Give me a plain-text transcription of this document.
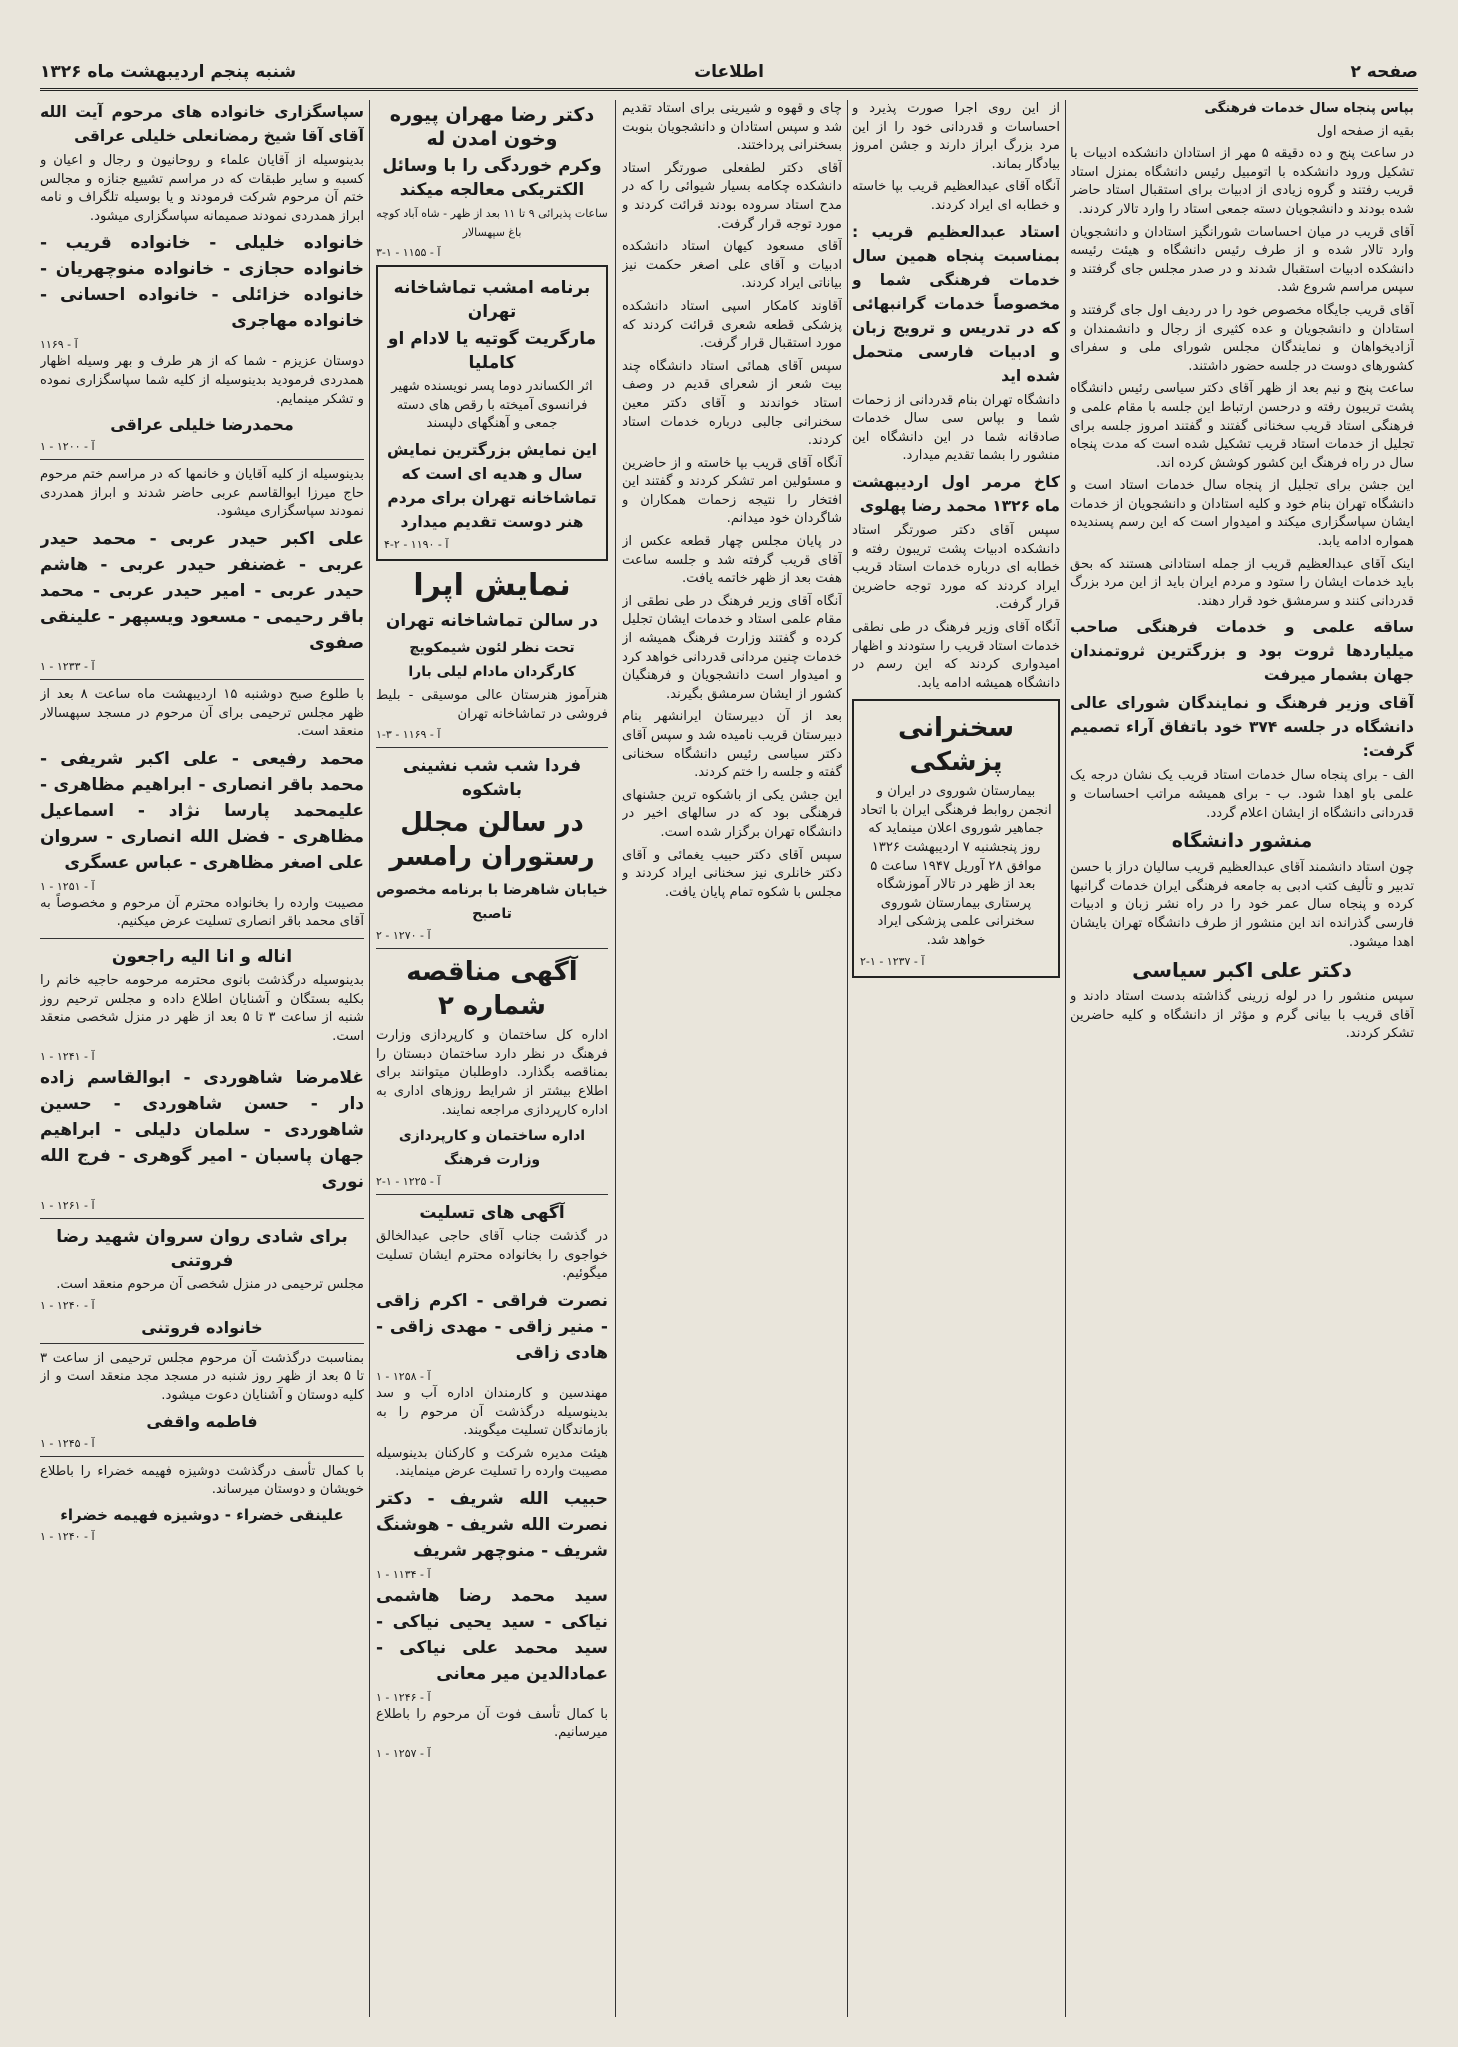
صفحه ۲
اطلاعات
شنبه پنجم اردیبهشت ماه ۱۳۲۶

بپاس پنجاه سال خدمات فرهنگی

بقیه از صفحه اول

در ساعت پنج و ده دقیقه ۵ مهر از استادان دانشکده ادبیات با تشکیل ورود دانشکده با اتومبیل رئیس دانشگاه بمنزل استاد قریب رفتند و گروه زیادی از ادبیات برای استقبال استاد حاضر شده بودند و دانشجویان دسته جمعی استاد را وارد تالار کردند.

آقای قریب در میان احساسات شورانگیز استادان و دانشجویان وارد تالار شده و از طرف رئیس دانشگاه و هیئت رئیسه دانشکده ادبیات استقبال شدند و در صدر مجلس جای گرفتند و سپس مراسم شروع شد.

آقای قریب جایگاه مخصوص خود را در ردیف اول جای گرفتند و استادان و دانشجویان و عده کثیری از رجال و دانشمندان و آزادیخواهان و نمایندگان مجلس شورای ملی و سفرای کشورهای دوست در جلسه حضور داشتند.

ساعت پنج و نیم بعد از ظهر آقای دکتر سیاسی رئیس دانشگاه پشت تریبون رفته و درحسن ارتباط این جلسه با مقام علمی و فرهنگی استاد قریب سخنانی گفتند و گفتند امروز جلسه برای تجلیل از خدمات استاد قریب تشکیل شده است که مدت پنجاه سال در راه فرهنگ این کشور کوشش کرده اند.

این جشن برای تجلیل از پنجاه سال خدمات استاد است و دانشگاه تهران بنام خود و کلیه استادان و دانشجویان از خدمات ایشان سپاسگزاری میکند و امیدوار است که این رسم پسندیده همواره ادامه یابد.

اینک آقای عبدالعظیم قریب از جمله استادانی هستند که بحق باید خدمات ایشان را ستود و مردم ایران باید از این مرد بزرگ قدردانی کنند و سرمشق خود قرار دهند.

ساقه علمی و خدمات فرهنگی صاحب میلیاردها ثروت بود و بزرگترین ثروتمندان جهان بشمار میرفت

آقای وزیر فرهنگ و نمایندگان شورای عالی دانشگاه در جلسه ۳۷۴ خود باتفاق آراء تصمیم گرفت:

الف - برای پنجاه سال خدمات استاد قریب یک نشان درجه یک علمی باو اهدا شود. ب - برای همیشه مراتب احساسات و قدردانی دانشگاه از ایشان اعلام گردد.

منشور دانشگاه

چون استاد دانشمند آقای عبدالعظیم قریب سالیان دراز با حسن تدبیر و تألیف کتب ادبی به جامعه فرهنگی ایران خدمات گرانبها کرده و پنجاه سال عمر خود را در راه نشر زبان و ادبیات فارسی گذرانده اند این منشور از طرف دانشگاه تهران بایشان اهدا میشود.

دکتر علی اکبر سیاسی

سپس منشور را در لوله زرینی گذاشته بدست استاد دادند و آقای قریب با بیانی گرم و مؤثر از دانشگاه و کلیه حاضرین تشکر کردند.

از این روی اجرا صورت پذیرد و احساسات و قدردانی خود را از این مرد بزرگ ابراز دارند و جشن امروز بیادگار بماند.

آنگاه آقای عبدالعظیم قریب بپا خاسته و خطابه ای ایراد کردند.

استاد عبدالعظیم قریب : بمناسبت پنجاه همین سال خدمات فرهنگی شما و مخصوصاً خدمات گرانبهائی که در تدریس و ترویج زبان و ادبیات فارسی متحمل شده اید

دانشگاه تهران بنام قدردانی از زحمات شما و بپاس سی سال خدمات صادقانه شما در این دانشگاه این منشور را بشما تقدیم میدارد.

کاخ مرمر اول اردیبهشت ماه ۱۳۲۶ محمد رضا پهلوی

سپس آقای دکتر صورتگر استاد دانشکده ادبیات پشت تریبون رفته و خطابه ای درباره خدمات استاد قریب ایراد کردند که مورد توجه حاضرین قرار گرفت.

آنگاه آقای وزیر فرهنگ در طی نطقی خدمات استاد قریب را ستودند و اظهار امیدواری کردند که این رسم در دانشگاه همیشه ادامه یابد.

سخنرانی پزشکی

بیمارستان شوروی در ایران و انجمن روابط فرهنگی ایران با اتحاد جماهیر شوروی اعلان مینماید که روز پنجشنبه ۷ اردیبهشت ۱۳۲۶ موافق ۲۸ آوریل ۱۹۴۷ ساعت ۵ بعد از ظهر در تالار آموزشگاه پرستاری بیمارستان شوروی سخنرانی علمی پزشکی ایراد خواهد شد.

آ - ۱۲۳۷ - ۱-۲

چای و قهوه و شیرینی برای استاد تقدیم شد و سپس استادان و دانشجویان بنوبت بسخنرانی پرداختند.

آقای دکتر لطفعلی صورتگر استاد دانشکده چکامه بسیار شیوائی را که در مدح استاد سروده بودند قرائت کردند و مورد توجه قرار گرفت.

آقای مسعود کیهان استاد دانشکده ادبیات و آقای علی اصغر حکمت نیز بیاناتی ایراد کردند.

آقاوند کامکار اسپی استاد دانشکده پزشکی قطعه شعری قرائت کردند که مورد استقبال قرار گرفت.

سپس آقای همائی استاد دانشگاه چند بیت شعر از شعرای قدیم در وصف استاد خواندند و آقای دکتر معین سخنرانی جالبی درباره خدمات استاد کردند.

آنگاه آقای قریب بپا خاسته و از حاضرین و مسئولین امر تشکر کردند و گفتند این افتخار را نتیجه زحمات همکاران و شاگردان خود میدانم.

در پایان مجلس چهار قطعه عکس از آقای قریب گرفته شد و جلسه ساعت هفت بعد از ظهر خاتمه یافت.

آنگاه آقای وزیر فرهنگ در طی نطقی از مقام علمی استاد و خدمات ایشان تجلیل کرده و گفتند وزارت فرهنگ همیشه از خدمات چنین مردانی قدردانی خواهد کرد و امیدوار است دانشجویان و فرهنگیان کشور از ایشان سرمشق بگیرند.

بعد از آن دبیرستان ایرانشهر بنام دبیرستان قریب نامیده شد و سپس آقای دکتر سیاسی رئیس دانشگاه سخنانی گفته و جلسه را ختم کردند.

این جشن یکی از باشکوه ترین جشنهای فرهنگی بود که در سالهای اخیر در دانشگاه تهران برگزار شده است.

سپس آقای دکتر حبیب یغمائی و آقای دکتر خانلری نیز سخنانی ایراد کردند و مجلس با شکوه تمام پایان یافت.

دکتر رضا مهران پیوره وخون امدن له
وکرم خوردگی را با وسائل الکتریکی معالجه میکند

ساعات پذیرائی ۹ تا ۱۱ بعد از ظهر - شاه آباد کوچه باغ سپهسالار

آ - ۱۱۵۵ - ۱-۳
برنامه امشب تماشاخانه تهران
مارگریت گوتیه یا لادام او کاملیا

اثر الکساندر دوما پسر نویسنده شهیر فرانسوی آمیخته با رقص های دسته جمعی و آهنگهای دلپسند

این نمایش بزرگترین نمایش سال و هدیه ای است که تماشاخانه تهران برای مردم هنر دوست تقدیم میدارد

آ - ۱۱۹۰ - ۲-۴
نمایش اپرا
در سالن تماشاخانه تهران
تحت نظر لئون شیمکویچ کارگردان مادام لیلی بارا

هنرآموز هنرستان عالی موسیقی - بلیط فروشی در تماشاخانه تهران

آ - ۱۱۶۹ - ۳-۱
فردا شب شب نشینی باشکوه
در سالن مجلل رستوران رامسر
خیابان شاهرضا با برنامه مخصوص تاصبح
آ - ۱۲۷۰ - ۲
آگهی مناقصه شماره ۲

اداره کل ساختمان و کارپردازی وزارت فرهنگ در نظر دارد ساختمان دبستان را بمناقصه بگذارد. داوطلبان میتوانند برای اطلاع بیشتر از شرایط روزهای اداری به اداره کارپردازی مراجعه نمایند.

اداره ساختمان و کارپردازی وزارت فرهنگ
آ - ۱۲۲۵ - ۱-۲
آگهی های تسلیت

در گذشت جناب آقای حاجی عبدالخالق خواجوی را بخانواده محترم ایشان تسلیت میگوئیم.

نصرت فراقی - اکرم زاقی - منیر زاقی - مهدی زاقی - هادی زاقی

آ - ۱۲۵۸ - ۱

مهندسین و کارمندان اداره آب و سد بدینوسیله درگذشت آن مرحوم را به بازماندگان تسلیت میگویند.

هیئت مدیره شرکت و کارکنان بدینوسیله مصیبت وارده را تسلیت عرض مینمایند.

حبیب الله شریف - دکتر نصرت الله شریف - هوشنگ شریف - منوچهر شریف

آ - ۱۱۳۴ - ۱

سید محمد رضا هاشمی نیاکی - سید یحیی نیاکی - سید محمد علی نیاکی - عمادالدین میر معانی

آ - ۱۲۴۶ - ۱

با کمال تأسف فوت آن مرحوم را باطلاع میرسانیم.

آ - ۱۲۵۷ - ۱

سپاسگزاری خانواده های مرحوم آیت الله آقای آقا شیخ رمضانعلی خلیلی عراقی

بدینوسیله از آقایان علماء و روحانیون و رجال و اعیان و کسبه و سایر طبقات که در مراسم تشییع جنازه و مجالس ختم آن مرحوم شرکت فرمودند و یا بوسیله تلگراف و نامه ابراز همدردی نمودند صمیمانه سپاسگزاری میشود.

خانواده خلیلی - خانواده قریب - خانواده حجازی - خانواده منوچهریان - خانواده خزائلی - خانواده احسانی - خانواده مهاجری

آ - ۱۱۶۹

دوستان عزیزم - شما که از هر طرف و بهر وسیله اظهار همدردی فرمودید بدینوسیله از کلیه شما سپاسگزاری نموده و تشکر مینمایم.

محمدرضا خلیلی عراقی
آ - ۱۲۰۰ - ۱

بدینوسیله از کلیه آقایان و خانمها که در مراسم ختم مرحوم حاج میرزا ابوالقاسم عربی حاضر شدند و ابراز همدردی نمودند سپاسگزاری میشود.

علی اکبر حیدر عربی - محمد حیدر عربی - غضنفر حیدر عربی - هاشم حیدر عربی - امیر حیدر عربی - محمد باقر رحیمی - مسعود ویسپهر - علینقی صفوی

آ - ۱۲۳۳ - ۱

با طلوع صبح دوشنبه ۱۵ اردیبهشت ماه ساعت ۸ بعد از ظهر مجلس ترحیمی برای آن مرحوم در مسجد سپهسالار منعقد است.

محمد رفیعی - علی اکبر شریفی - محمد باقر انصاری - ابراهیم مظاهری - علیمحمد پارسا نژاد - اسماعیل مظاهری - فضل الله انصاری - سروان علی اصغر مظاهری - عباس عسگری

آ - ۱۲۵۱ - ۱

مصیبت وارده را بخانواده محترم آن مرحوم و مخصوصاً به آقای محمد باقر انصاری تسلیت عرض میکنیم.

اناله و انا الیه راجعون

بدینوسیله درگذشت بانوی محترمه مرحومه حاجیه خانم را بکلیه بستگان و آشنایان اطلاع داده و مجلس ترحیم روز شنبه از ساعت ۳ تا ۵ بعد از ظهر در منزل شخصی منعقد است.

آ - ۱۲۴۱ - ۱

غلامرضا شاهوردی - ابوالقاسم زاده دار - حسن شاهوردی - حسین شاهوردی - سلمان دلیلی - ابراهیم جهان پاسبان - امیر گوهری - فرج الله نوری

آ - ۱۲۶۱ - ۱
برای شادی روان سروان شهید رضا فروتنی

مجلس ترحیمی در منزل شخصی آن مرحوم منعقد است.

آ - ۱۲۴۰ - ۱
خانواده فروتنی

بمناسبت درگذشت آن مرحوم مجلس ترحیمی از ساعت ۳ تا ۵ بعد از ظهر روز شنبه در مسجد مجد منعقد است و از کلیه دوستان و آشنایان دعوت میشود.

فاطمه واقفی
آ - ۱۲۴۵ - ۱

با کمال تأسف درگذشت دوشیزه فهیمه خضراء را باطلاع خویشان و دوستان میرساند.

علینقی خضراء - دوشیزه فهیمه خضراء
آ - ۱۲۴۰ - ۱
